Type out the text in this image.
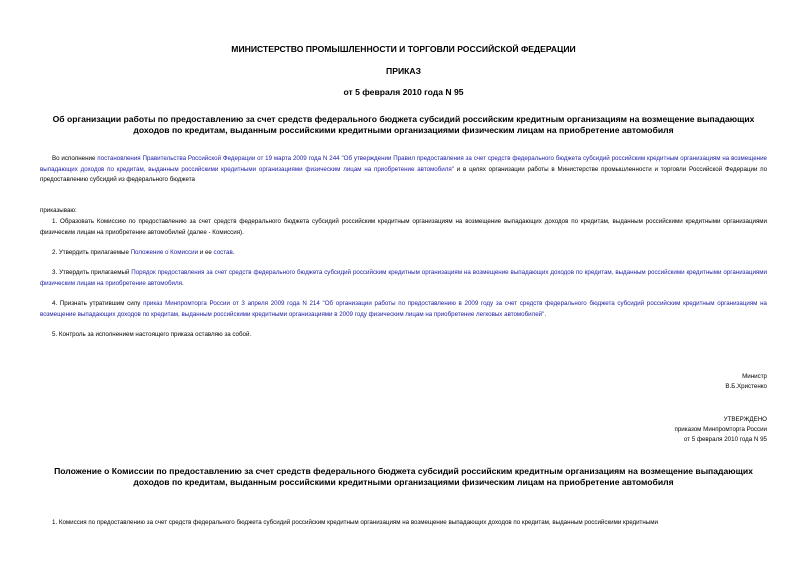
МИНИСТЕРСТВО ПРОМЫШЛЕННОСТИ И ТОРГОВЛИ РОССИЙСКОЙ ФЕДЕРАЦИИ
ПРИКАЗ
от 5 февраля 2010 года N 95
Об организации работы по предоставлению за счет средств федерального бюджета субсидий российским кредитным организациям на возмещение выпадающих доходов по кредитам, выданным российскими кредитными организациями физическим лицам на приобретение автомобиля
Во исполнение постановления Правительства Российской Федерации от 19 марта 2009 года N 244 "Об утверждении Правил предоставления за счет средств федерального бюджета субсидий российским кредитным организациям на возмещение выпадающих доходов по кредитам, выданным российскими кредитными организациями физическим лицам на приобретение автомобиля" и в целях организации работы в Министерстве промышленности и торговли Российской Федерации по предоставлению субсидий из федерального бюджета
приказываю:
1. Образовать Комиссию по предоставлению за счет средств федерального бюджета субсидий российским кредитным организациям на возмещение выпадающих доходов по кредитам, выданным российскими кредитными организациями физическим лицам на приобретение автомобилей (далее - Комиссия).
2. Утвердить прилагаемые Положение о Комиссии и ее состав.
3. Утвердить прилагаемый Порядок предоставления за счет средств федерального бюджета субсидий российским кредитным организациям на возмещение выпадающих доходов по кредитам, выданным российскими кредитными организациями физическим лицам на приобретение автомобиля.
4. Признать утратившим силу приказ Минпромторга России от 3 апреля 2009 года N 214 "Об организации работы по предоставлению в 2009 году за счет средств федерального бюджета субсидий российским кредитным организациям на возмещение выпадающих доходов по кредитам, выданным российскими кредитными организациями в 2009 году физическим лицам на приобретение легковых автомобилей".
5. Контроль за исполнением настоящего приказа оставляю за собой.
Министр
В.Б.Христенко
УТВЕРЖДЕНО
приказом Минпромторга России
от 5 февраля 2010 года N 95
Положение о Комиссии по предоставлению за счет средств федерального бюджета субсидий российским кредитным организациям на возмещение выпадающих доходов по кредитам, выданным российскими кредитными организациями физическим лицам на приобретение автомобиля
1. Комиссия по предоставлению за счет средств федерального бюджета субсидий российским кредитным организациям на возмещение выпадающих доходов по кредитам, выданным российскими кредитными
